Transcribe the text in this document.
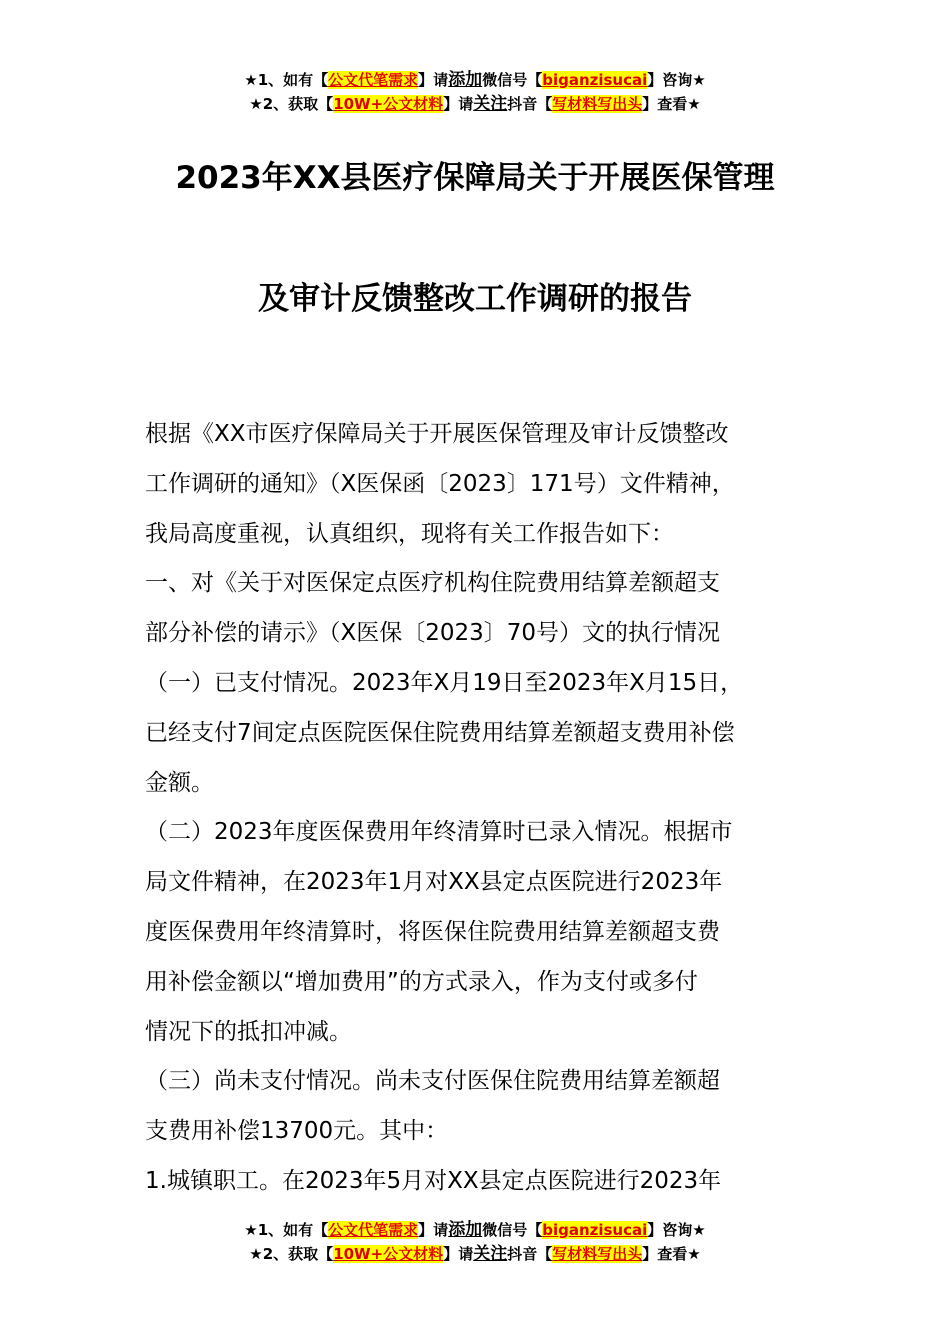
★1、如有【公文代笔需求】请添加微信号【biganzisucai】咨询★
★2、获取【10W+公文材料】请关注抖音【写材料写出头】查看★
2023年XX县医疗保障局关于开展医保管理
及审计反馈整改工作调研的报告
根据《XX市医疗保障局关于开展医保管理及审计反馈整改
工作调研的通知》（X医保函〔2023〕171号）文件精神，
我局高度重视，认真组织，现将有关工作报告如下：
一、对《关于对医保定点医疗机构住院费用结算差额超支
部分补偿的请示》（X医保〔2023〕70号）文的执行情况
（一）已支付情况。2023年X月19日至2023年X月15日，
已经支付7间定点医院医保住院费用结算差额超支费用补偿
金额。
（二）2023年度医保费用年终清算时已录入情况。根据市
局文件精神，在2023年1月对XX县定点医院进行2023年
度医保费用年终清算时，将医保住院费用结算差额超支费
用补偿金额以“增加费用”的方式录入，作为支付或多付
情况下的抵扣冲减。
（三）尚未支付情况。尚未支付医保住院费用结算差额超
支费用补偿13700元。其中：
1.城镇职工。在2023年5月对XX县定点医院进行2023年
★1、如有【公文代笔需求】请添加微信号【biganzisucai】咨询★
★2、获取【10W+公文材料】请关注抖音【写材料写出头】查看★
